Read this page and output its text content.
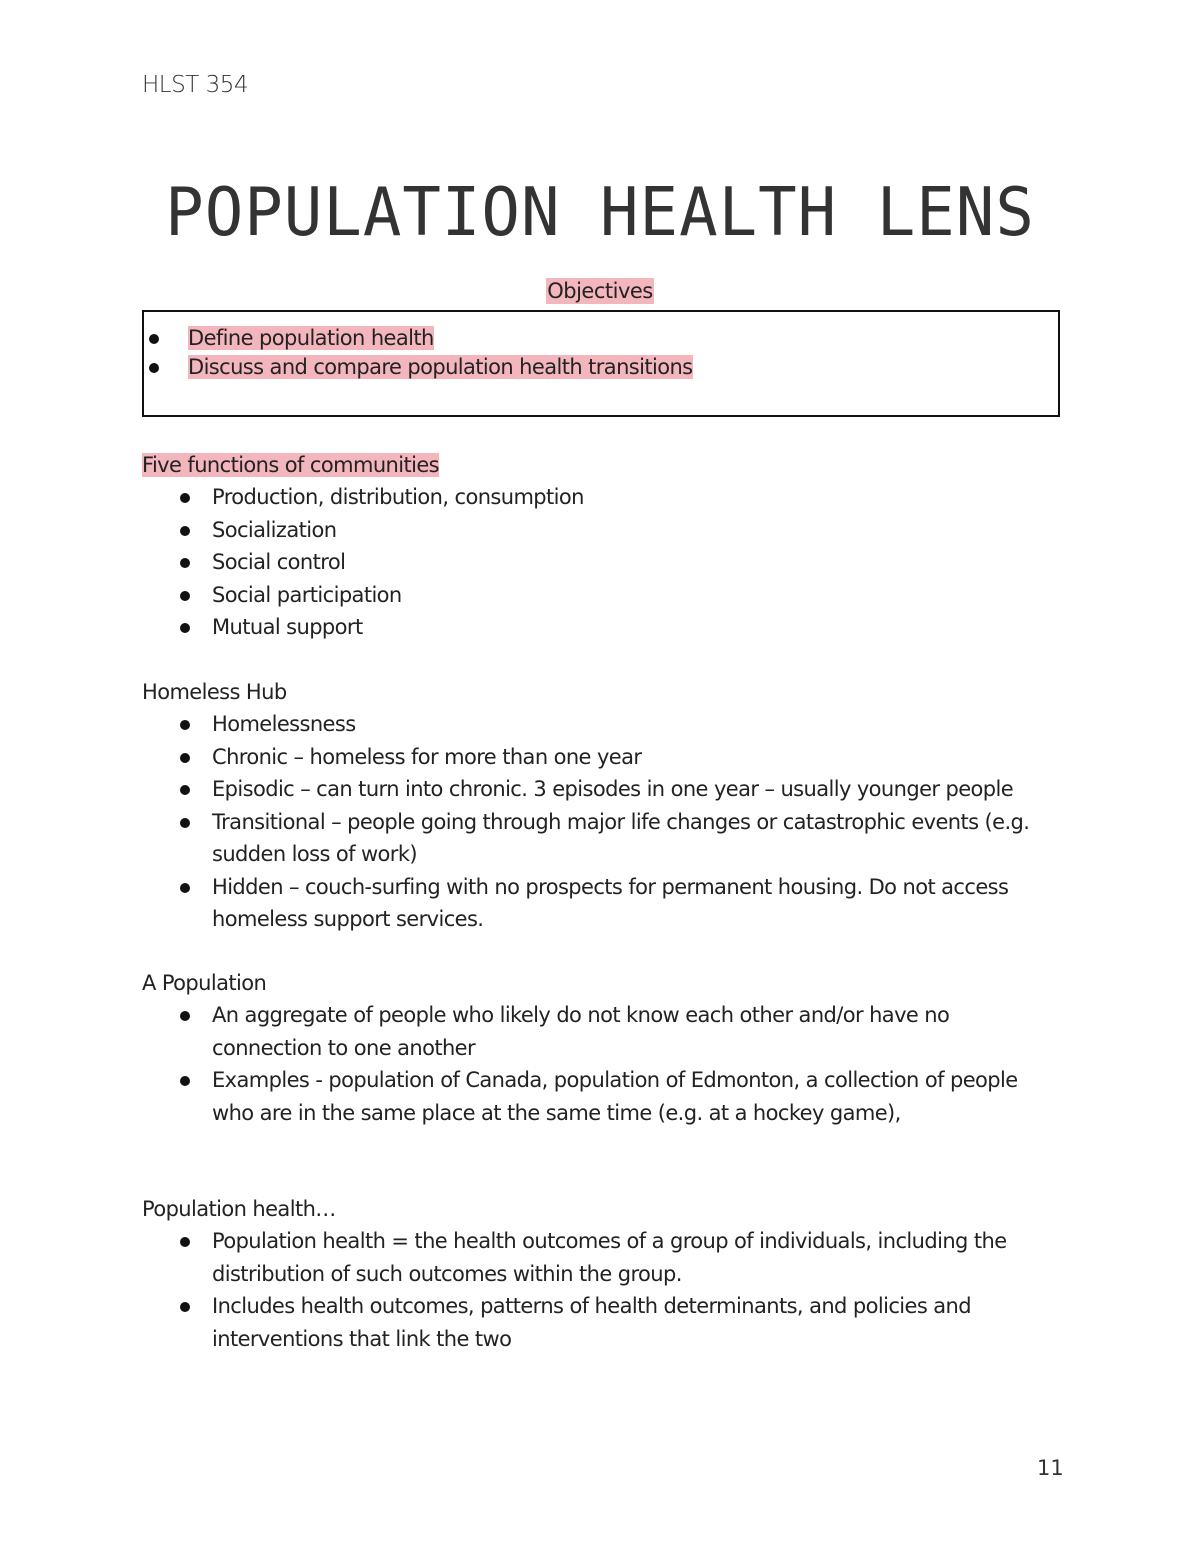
HLST 354
POPULATION HEALTH LENS
Objectives
Define population health
Discuss and compare population health transitions
Five functions of communities
Production, distribution, consumption
Socialization
Social control
Social participation
Mutual support
Homeless Hub
Homelessness
Chronic – homeless for more than one year
Episodic – can turn into chronic. 3 episodes in one year – usually younger people
Transitional – people going through major life changes or catastrophic events (e.g. sudden loss of work)
Hidden – couch-surfing with no prospects for permanent housing. Do not access homeless support services.
A Population
An aggregate of people who likely do not know each other and/or have no connection to one another
Examples - population of Canada, population of Edmonton, a collection of people who are in the same place at the same time (e.g. at a hockey game),
Population health…
Population health = the health outcomes of a group of individuals, including the distribution of such outcomes within the group.
Includes health outcomes, patterns of health determinants, and policies and interventions that link the two
11
